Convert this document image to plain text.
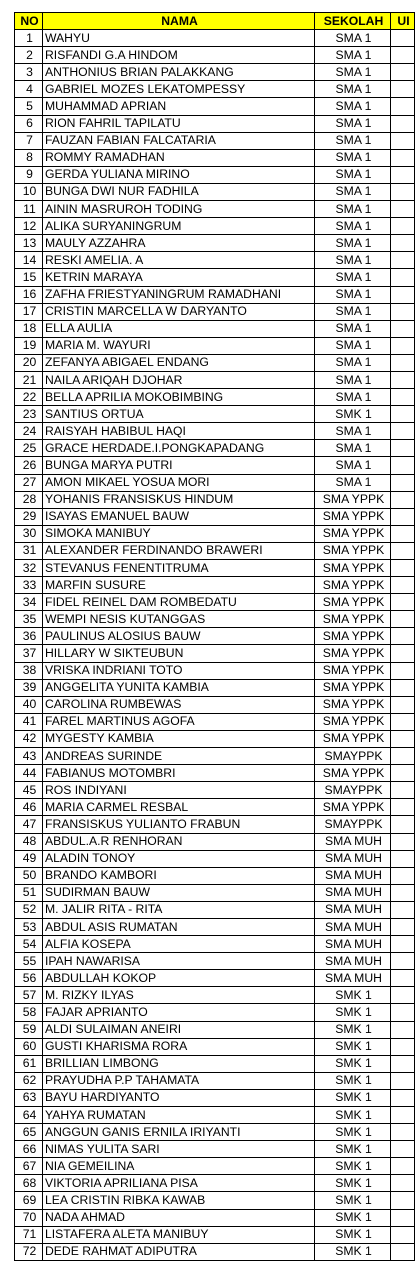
NO	NAMA	SEKOLAH	UI
1	WAHYU	SMA 1	
2	RISFANDI G.A HINDOM	SMA 1	
3	ANTHONIUS BRIAN PALAKKANG	SMA 1	
4	GABRIEL MOZES LEKATOMPESSY	SMA 1	
5	MUHAMMAD APRIAN	SMA 1	
6	RION FAHRIL TAPILATU	SMA 1	
7	FAUZAN FABIAN FALCATARIA	SMA 1	
8	ROMMY RAMADHAN	SMA 1	
9	GERDA YULIANA MIRINO	SMA 1	
10	BUNGA DWI NUR FADHILA	SMA 1	
11	AININ MASRUROH TODING	SMA 1	
12	ALIKA SURYANINGRUM	SMA 1	
13	MAULY AZZAHRA	SMA 1	
14	RESKI AMELIA. A	SMA 1	
15	KETRIN MARAYA	SMA 1	
16	ZAFHA FRIESTYANINGRUM RAMADHANI	SMA 1	
17	CRISTIN MARCELLA W DARYANTO	SMA 1	
18	ELLA AULIA	SMA 1	
19	MARIA M. WAYURI	SMA 1	
20	ZEFANYA ABIGAEL ENDANG	SMA 1	
21	NAILA ARIQAH DJOHAR	SMA 1	
22	BELLA APRILIA MOKOBIMBING	SMA 1	
23	SANTIUS ORTUA	SMK 1	
24	RAISYAH HABIBUL HAQI	SMA 1	
25	GRACE HERDADE.I.PONGKAPADANG	SMA 1	
26	BUNGA MARYA PUTRI	SMA 1	
27	AMON MIKAEL YOSUA MORI	SMA 1	
28	YOHANIS FRANSISKUS HINDUM	SMA YPPK	
29	ISAYAS EMANUEL BAUW	SMA YPPK	
30	SIMOKA MANIBUY	SMA YPPK	
31	ALEXANDER FERDINANDO BRAWERI	SMA YPPK	
32	STEVANUS FENENTITRUMA	SMA YPPK	
33	MARFIN SUSURE	SMA YPPK	
34	FIDEL REINEL DAM ROMBEDATU	SMA YPPK	
35	WEMPI NESIS KUTANGGAS	SMA YPPK	
36	PAULINUS ALOSIUS BAUW	SMA YPPK	
37	HILLARY W SIKTEUBUN	SMA YPPK	
38	VRISKA INDRIANI TOTO	SMA YPPK	
39	ANGGELITA YUNITA KAMBIA	SMA YPPK	
40	CAROLINA RUMBEWAS	SMA YPPK	
41	FAREL MARTINUS AGOFA	SMA YPPK	
42	MYGESTY KAMBIA	SMA YPPK	
43	ANDREAS SURINDE	SMAYPPK	
44	FABIANUS MOTOMBRI	SMA YPPK	
45	ROS INDIYANI	SMAYPPK	
46	MARIA CARMEL RESBAL	SMA YPPK	
47	FRANSISKUS YULIANTO FRABUN	SMAYPPK	
48	ABDUL.A.R RENHORAN	SMA MUH	
49	ALADIN TONOY	SMA MUH	
50	BRANDO KAMBORI	SMA MUH	
51	SUDIRMAN BAUW	SMA MUH	
52	M. JALIR RITA - RITA	SMA MUH	
53	ABDUL ASIS RUMATAN	SMA MUH	
54	ALFIA KOSEPA	SMA MUH	
55	IPAH NAWARISA	SMA MUH	
56	ABDULLAH KOKOP	SMA MUH	
57	M. RIZKY ILYAS	SMK 1	
58	FAJAR APRIANTO	SMK 1	
59	ALDI SULAIMAN ANEIRI	SMK 1	
60	GUSTI KHARISMA RORA	SMK 1	
61	BRILLIAN LIMBONG	SMK 1	
62	PRAYUDHA P.P TAHAMATA	SMK 1	
63	BAYU HARDIYANTO	SMK 1	
64	YAHYA RUMATAN	SMK 1	
65	ANGGUN GANIS ERNILA IRIYANTI	SMK 1	
66	NIMAS YULITA SARI	SMK 1	
67	NIA GEMEILINA	SMK 1	
68	VIKTORIA APRILIANA PISA	SMK 1	
69	LEA CRISTIN RIBKA KAWAB	SMK 1	
70	NADA AHMAD	SMK 1	
71	LISTAFERA ALETA MANIBUY	SMK 1	
72	DEDE RAHMAT ADIPUTRA	SMK 1	
